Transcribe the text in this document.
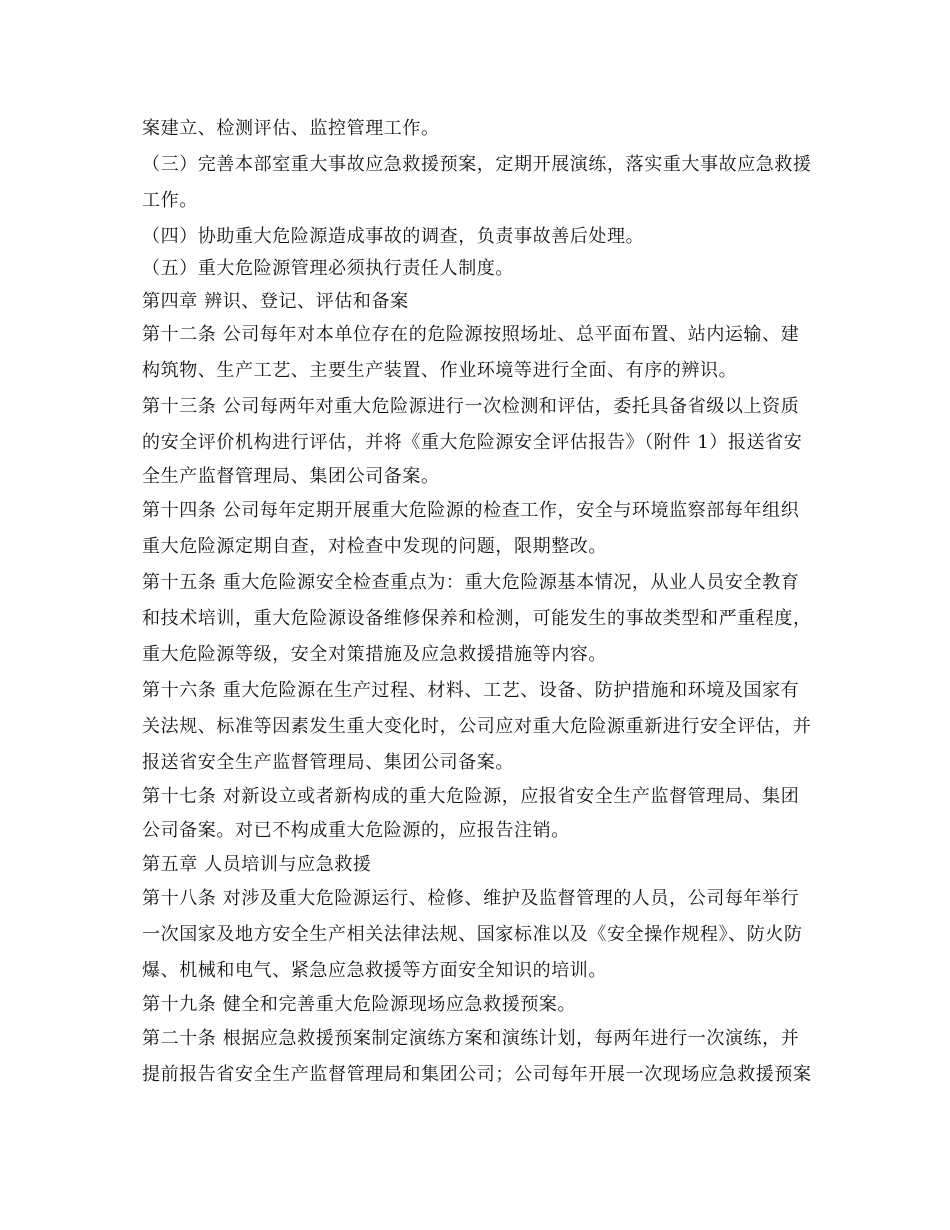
案建立、检测评估、监控管理工作。
（三）完善本部室重大事故应急救援预案，定期开展演练，落实重大事故应急救援
工作。
（四）协助重大危险源造成事故的调查，负责事故善后处理。
（五）重大危险源管理必须执行责任人制度。
第四章 辨识、登记、评估和备案
第十二条 公司每年对本单位存在的危险源按照场址、总平面布置、站内运输、建
构筑物、生产工艺、主要生产装置、作业环境等进行全面、有序的辨识。
第十三条 公司每两年对重大危险源进行一次检测和评估，委托具备省级以上资质
的安全评价机构进行评估，并将《重大危险源安全评估报告》（附件 1）报送省安
全生产监督管理局、集团公司备案。
第十四条 公司每年定期开展重大危险源的检查工作，安全与环境监察部每年组织
重大危险源定期自查，对检查中发现的问题，限期整改。
第十五条 重大危险源安全检查重点为：重大危险源基本情况，从业人员安全教育
和技术培训，重大危险源设备维修保养和检测，可能发生的事故类型和严重程度，
重大危险源等级，安全对策措施及应急救援措施等内容。
第十六条 重大危险源在生产过程、材料、工艺、设备、防护措施和环境及国家有
关法规、标准等因素发生重大变化时，公司应对重大危险源重新进行安全评估，并
报送省安全生产监督管理局、集团公司备案。
第十七条 对新设立或者新构成的重大危险源，应报省安全生产监督管理局、集团
公司备案。对已不构成重大危险源的，应报告注销。
第五章 人员培训与应急救援
第十八条 对涉及重大危险源运行、检修、维护及监督管理的人员，公司每年举行
一次国家及地方安全生产相关法律法规、国家标准以及《安全操作规程》、防火防
爆、机械和电气、紧急应急救援等方面安全知识的培训。
第十九条 健全和完善重大危险源现场应急救援预案。
第二十条 根据应急救援预案制定演练方案和演练计划，每两年进行一次演练，并
提前报告省安全生产监督管理局和集团公司；公司每年开展一次现场应急救援预案
